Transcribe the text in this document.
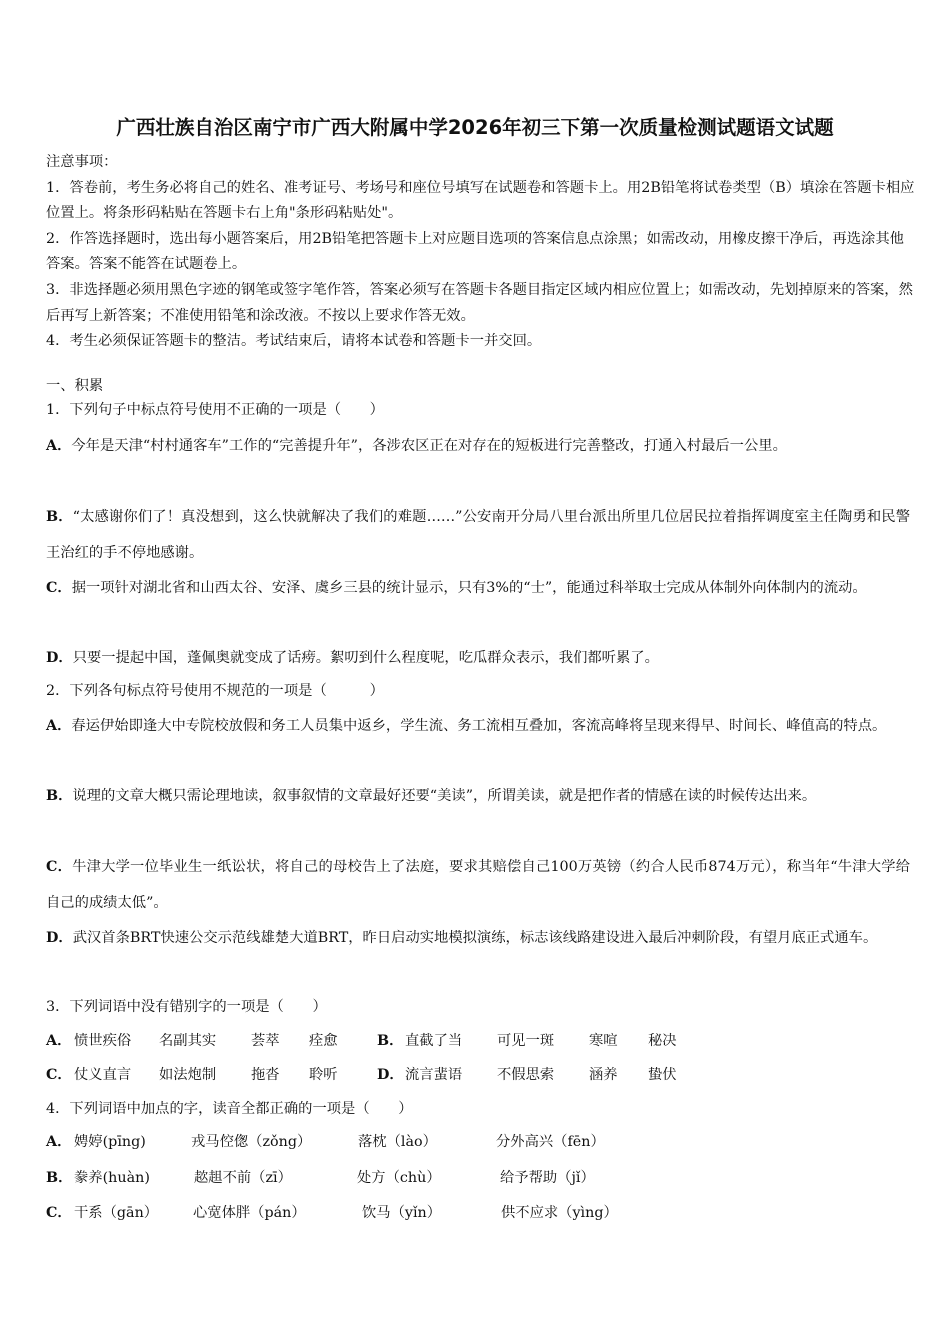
广西壮族自治区南宁市广西大附属中学2026年初三下第一次质量检测试题语文试题

注意事项：

1．答卷前，考生务必将自己的姓名、准考证号、考场号和座位号填写在试题卷和答题卡上。用2B铅笔将试卷类型（B）填涂在答题卡相应位置上。将条形码粘贴在答题卡右上角"条形码粘贴处"。

2．作答选择题时，选出每小题答案后，用2B铅笔把答题卡上对应题目选项的答案信息点涂黑；如需改动，用橡皮擦干净后，再选涂其他答案。答案不能答在试题卷上。

3．非选择题必须用黑色字迹的钢笔或签字笔作答，答案必须写在答题卡各题目指定区域内相应位置上；如需改动，先划掉原来的答案，然后再写上新答案；不准使用铅笔和涂改液。不按以上要求作答无效。

4．考生必须保证答题卡的整洁。考试结束后，请将本试卷和答题卡一并交回。

一、积累
1．下列句子中标点符号使用不正确的一项是（　　）
A．今年是天津“村村通客车”工作的“完善提升年”，各涉农区正在对存在的短板进行完善整改，打通入村最后一公里。
B．“太感谢你们了！真没想到，这么快就解决了我们的难题……”公安南开分局八里台派出所里几位居民拉着指挥调度室主任陶勇和民警王治红的手不停地感谢。
C．据一项针对湖北省和山西太谷、安泽、虞乡三县的统计显示，只有3%的“士”，能通过科举取士完成从体制外向体制内的流动。
D．只要一提起中国，蓬佩奥就变成了话痨。絮叨到什么程度呢，吃瓜群众表示，我们都听累了。
2．下列各句标点符号使用不规范的一项是（　　　）
A．春运伊始即逢大中专院校放假和务工人员集中返乡，学生流、务工流相互叠加，客流高峰将呈现来得早、时间长、峰值高的特点。
B．说理的文章大概只需论理地读，叙事叙情的文章最好还要“美读”，所谓美读，就是把作者的情感在读的时候传达出来。
C．牛津大学一位毕业生一纸讼状，将自己的母校告上了法庭，要求其赔偿自己100万英镑（约合人民币874万元），称当年“牛津大学给自己的成绩太低”。
D．武汉首条BRT快速公交示范线雄楚大道BRT，昨日启动实地模拟演练，标志该线路建设进入最后冲刺阶段，有望月底正式通车。
3．下列词语中没有错别字的一项是（　　）
A． 愤世疾俗 名副其实 荟萃 痊愈	B． 直截了当 可见一斑 寒喧 秘决
C． 仗义直言 如法炮制 拖沓 聆听	D． 流言蜚语 不假思索 涵养 蛰伏
4．下列词语中加点的字，读音全都正确的一项是（　　）
A． 娉婷(pīng)	戎马倥偬（zǒng）	落枕（lào）	分外高兴（fēn）
B． 豢养(huàn)	趑趄不前（zī）	处方（chù）	给予帮助（jǐ）
C． 干系（gān） 心宽体胖（pán）	饮马（yǐn）	供不应求（yìng）
